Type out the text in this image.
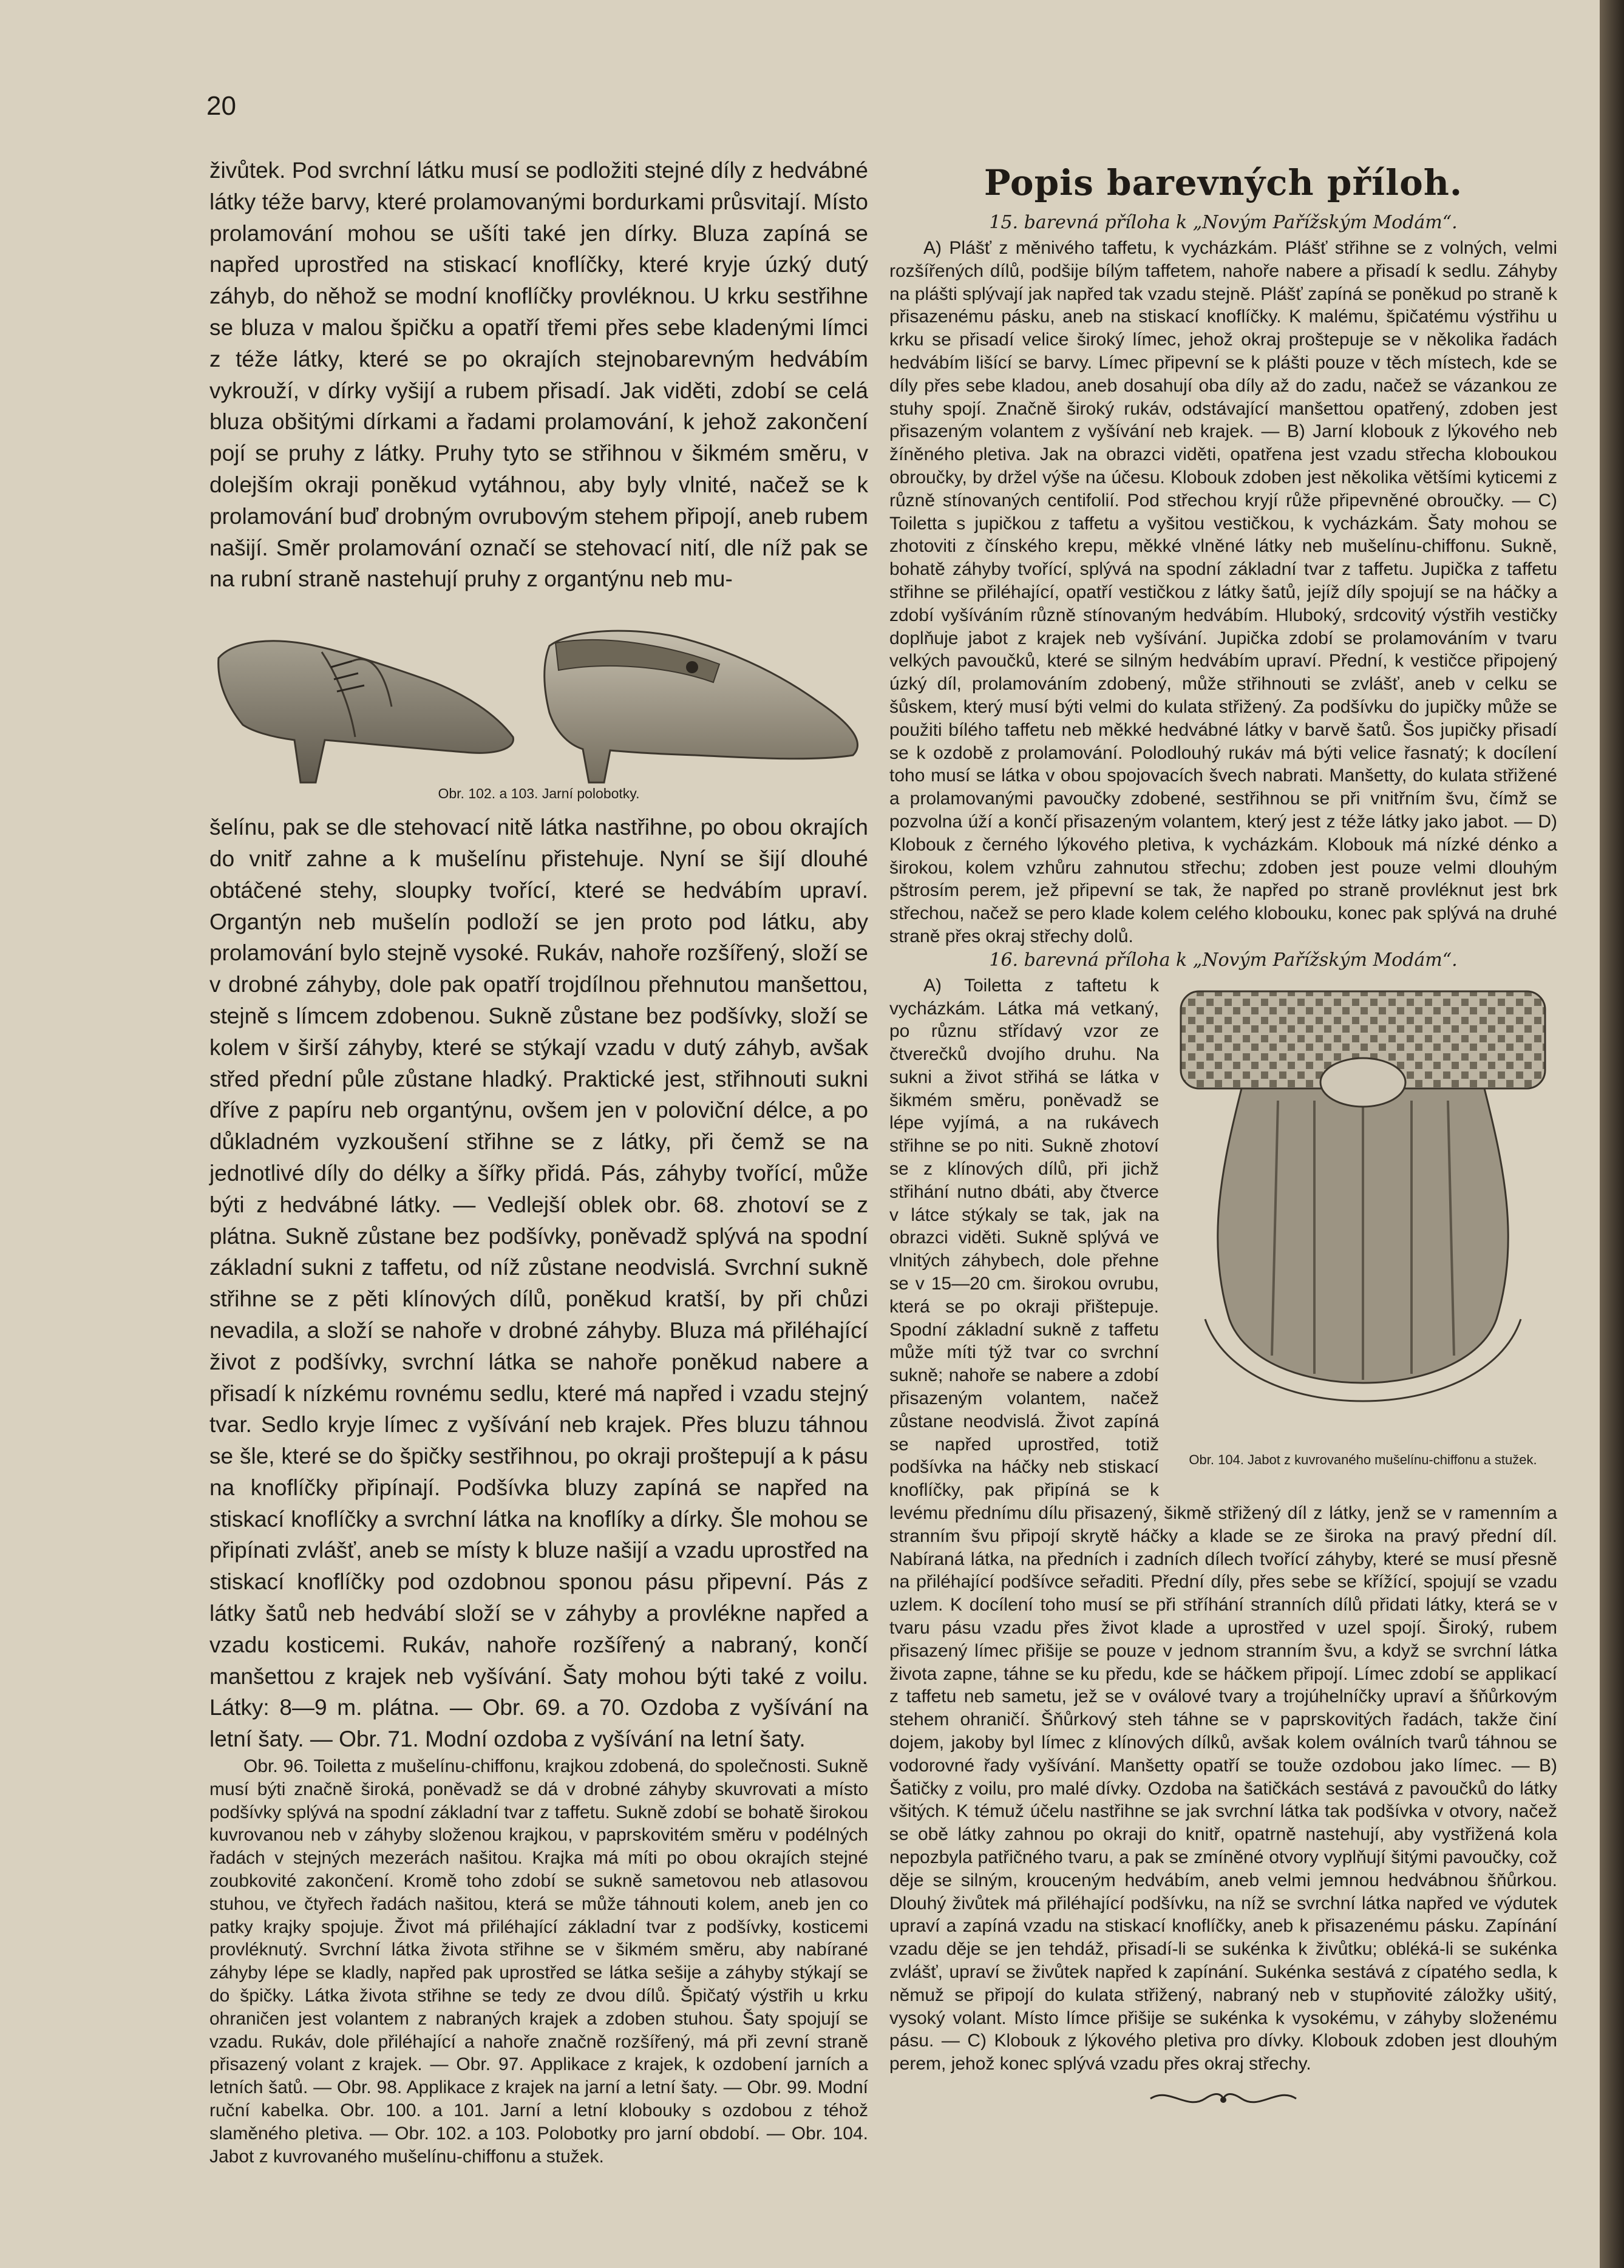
20

živůtek. Pod svrchní látku musí se podložiti stejné díly z hedvábné látky téže barvy, které prolamovanými bordurkami průsvitají. Místo prolamování mohou se ušíti také jen dírky. Bluza zapíná se napřed uprostřed na stiskací knoflíčky, které kryje úzký dutý záhyb, do něhož se modní knoflíčky provléknou. U krku sestřihne se bluza v malou špičku a opatří třemi přes sebe kladenými límci z téže látky, které se po okrajích stejnobarevným hedvábím vykrouží, v dírky vyšijí a rubem přisadí. Jak viděti, zdobí se celá bluza obšitými dírkami a řadami prolamování, k jehož zakončení pojí se pruhy z látky. Pruhy tyto se střihnou v šikmém směru, v dolejším okraji poněkud vytáhnou, aby byly vlnité, načež se k prolamování buď drobným ovrubovým stehem připojí, aneb rubem našijí. Směr prolamování označí se stehovací nití, dle níž pak se na rubní straně nastehují pruhy z organtýnu neb mu-

Obr. 102. a 103. Jarní polobotky.

šelínu, pak se dle stehovací nitě látka nastřihne, po obou okrajích do vnitř zahne a k mušelínu přistehuje. Nyní se šijí dlouhé obtáčené stehy, sloupky tvořící, které se hedvábím upraví. Organtýn neb mušelín podloží se jen proto pod látku, aby prolamování bylo stejně vysoké. Rukáv, nahoře rozšířený, složí se v drobné záhyby, dole pak opatří trojdílnou přehnutou manšettou, stejně s límcem zdobenou. Sukně zůstane bez podšívky, složí se kolem v širší záhyby, které se stýkají vzadu v dutý záhyb, avšak střed přední půle zůstane hladký. Praktické jest, střihnouti sukni dříve z papíru neb organtýnu, ovšem jen v poloviční délce, a po důkladném vyzkoušení střihne se z látky, při čemž se na jednotlivé díly do délky a šířky přidá. Pás, záhyby tvořící, může býti z hedvábné látky. — Vedlejší oblek obr. 68. zhotoví se z plátna. Sukně zůstane bez podšívky, poněvadž splývá na spodní základní sukni z taffetu, od níž zůstane neodvislá. Svrchní sukně střihne se z pěti klínových dílů, poněkud kratší, by při chůzi nevadila, a složí se nahoře v drobné záhyby. Bluza má přiléhající život z podšívky, svrchní látka se nahoře poněkud nabere a přisadí k nízkému rovnému sedlu, které má napřed i vzadu stejný tvar. Sedlo kryje límec z vyšívání neb krajek. Přes bluzu táhnou se šle, které se do špičky sestřihnou, po okraji proštepují a k pásu na knoflíčky připínají. Podšívka bluzy zapíná se napřed na stiskací knoflíčky a svrchní látka na knoflíky a dírky. Šle mohou se připínati zvlášť, aneb se místy k bluze našijí a vzadu uprostřed na stiskací knoflíčky pod ozdobnou sponou pásu připevní. Pás z látky šatů neb hedvábí složí se v záhyby a provlékne napřed a vzadu kosticemi. Rukáv, nahoře rozšířený a nabraný, končí manšettou z krajek neb vyšívání. Šaty mohou býti také z voilu. Látky: 8—9 m. plátna. — Obr. 69. a 70. Ozdoba z vyšívání na letní šaty. — Obr. 71. Modní ozdoba z vyšívání na letní šaty.

Obr. 96. Toiletta z mušelínu-chiffonu, krajkou zdobená, do společnosti. Sukně musí býti značně široká, poněvadž se dá v drobné záhyby skuvrovati a místo podšívky splývá na spodní základní tvar z taffetu. Sukně zdobí se bohatě širokou kuvrovanou neb v záhyby složenou krajkou, v paprskovitém směru v podélných řadách v stejných mezerách našitou. Krajka má míti po obou okrajích stejné zoubkovité zakončení. Kromě toho zdobí se sukně sametovou neb atlasovou stuhou, ve čtyřech řadách našitou, která se může táhnouti kolem, aneb jen co patky krajky spojuje. Život má přiléhající základní tvar z podšívky, kosticemi provléknutý. Svrchní látka života střihne se v šikmém směru, aby nabírané záhyby lépe se kladly, napřed pak uprostřed se látka sešije a záhyby stýkají se do špičky. Látka života střihne se tedy ze dvou dílů. Špičatý výstřih u krku ohraničen jest volantem z nabraných krajek a zdoben stuhou. Šaty spojují se vzadu. Rukáv, dole přiléhající a nahoře značně rozšířený, má při zevní straně přisazený volant z krajek. — Obr. 97. Applikace z krajek, k ozdobení jarních a letních šatů. — Obr. 98. Applikace z krajek na jarní a letní šaty. — Obr. 99. Modní ruční kabelka. Obr. 100. a 101. Jarní a letní klobouky s ozdobou z téhož slaměného pletiva. — Obr. 102. a 103. Polobotky pro jarní období. — Obr. 104. Jabot z kuvrovaného mušelínu-chiffonu a stužek.

Popis barevných příloh.
15. barevná příloha k „Novým Pařížským Modám“.

A) Plášť z měnivého taffetu, k vycházkám. Plášť střihne se z volných, velmi rozšířených dílů, podšije bílým taffetem, nahoře nabere a přisadí k sedlu. Záhyby na plášti splývají jak napřed tak vzadu stejně. Plášť zapíná se poněkud po straně k přisazenému pásku, aneb na stiskací knoflíčky. K malému, špičatému výstřihu u krku se přisadí velice široký límec, jehož okraj proštepuje se v několika řadách hedvábím lišící se barvy. Límec připevní se k plášti pouze v těch místech, kde se díly přes sebe kladou, aneb dosahují oba díly až do zadu, načež se vázankou ze stuhy spojí. Značně široký rukáv, odstávající manšettou opatřený, zdoben jest přisazeným volantem z vyšívání neb krajek. — B) Jarní klobouk z lýkového neb žíněného pletiva. Jak na obrazci viděti, opatřena jest vzadu střecha kloboukou obroučky, by držel výše na účesu. Klobouk zdoben jest několika většími kyticemi z různě stínovaných centifolií. Pod střechou kryjí růže připevněné obroučky. — C) Toiletta s jupičkou z taffetu a vyšitou vestičkou, k vycházkám. Šaty mohou se zhotoviti z čínského krepu, měkké vlněné látky neb mušelínu-chiffonu. Sukně, bohatě záhyby tvořící, splývá na spodní základní tvar z taffetu. Jupička z taffetu střihne se přiléhající, opatří vestičkou z látky šatů, jejíž díly spojují se na háčky a zdobí vyšíváním různě stínovaným hedvábím. Hluboký, srdcovitý výstřih vestičky doplňuje jabot z krajek neb vyšívání. Jupička zdobí se prolamováním v tvaru velkých pavoučků, které se silným hedvábím upraví. Přední, k vestičce připojený úzký díl, prolamováním zdobený, může střihnouti se zvlášť, aneb v celku se šůskem, který musí býti velmi do kulata střižený. Za podšívku do jupičky může se použiti bílého taffetu neb měkké hedvábné látky v barvě šatů. Šos jupičky přisadí se k ozdobě z prolamování. Polodlouhý rukáv má býti velice řasnatý; k docílení toho musí se látka v obou spojovacích švech nabrati. Manšetty, do kulata střižené a prolamovanými pavoučky zdobené, sestřihnou se při vnitřním švu, čímž se pozvolna úží a končí přisazeným volantem, který jest z téže látky jako jabot. — D) Klobouk z černého lýkového pletiva, k vycházkám. Klobouk má nízké dénko a širokou, kolem vzhůru zahnutou střechu; zdoben jest pouze velmi dlouhým pštrosím perem, jež připevní se tak, že napřed po straně provléknut jest brk střechou, načež se pero klade kolem celého klobouku, konec pak splývá na druhé straně přes okraj střechy dolů.

16. barevná příloha k „Novým Pařížským Modám“.
Obr. 104. Jabot z kuvrovaného mušelínu-chiffonu a stužek.

A) Toiletta z taftetu k vycházkám. Látka má vetkaný, po různu střídavý vzor ze čtverečků dvojího druhu. Na sukni a život střihá se látka v šikmém směru, poněvadž se lépe vyjímá, a na rukávech střihne se po niti. Sukně zhotoví se z klínových dílů, při jichž střihání nutno dbáti, aby čtverce v látce stýkaly se tak, jak na obrazci viděti. Sukně splývá ve vlnitých záhybech, dole přehne se v 15—20 cm. širokou ovrubu, která se po okraji přištepuje. Spodní základní sukně z taffetu může míti týž tvar co svrchní sukně; nahoře se nabere a zdobí přisazeným volantem, načež zůstane neodvislá. Život zapíná se napřed uprostřed, totiž podšívka na háčky neb stiskací knoflíčky, pak připíná se k levému přednímu dílu přisazený, šikmě střižený díl z látky, jenž se v ramenním a stranním švu připojí skrytě háčky a klade se ze široka na pravý přední díl. Nabíraná látka, na předních i zadních dílech tvořící záhyby, které se musí přesně na přiléhající podšívce seřaditi. Přední díly, přes sebe se křížící, spojují se vzadu uzlem. K docílení toho musí se při stříhání stranních dílů přidati látky, která se v tvaru pásu vzadu přes život klade a uprostřed v uzel spojí. Široký, rubem přisazený límec přišije se pouze v jednom stranním švu, a když se svrchní látka života zapne, táhne se ku předu, kde se háčkem připojí. Límec zdobí se applikací z taffetu neb sametu, jež se v oválové tvary a trojúhelníčky upraví a šňůrkovým stehem ohraničí. Šňůrkový steh táhne se v paprskovitých řadách, takže činí dojem, jakoby byl límec z klínových dílků, avšak kolem oválních tvarů táhnou se vodorovné řady vyšívání. Manšetty opatří se touže ozdobou jako límec. — B) Šatičky z voilu, pro malé dívky. Ozdoba na šatičkách sestává z pavoučků do látky všitých. K témuž účelu nastřihne se jak svrchní látka tak podšívka v otvory, načež se obě látky zahnou po okraji do knitř, opatrně nastehují, aby vystřižená kola nepozbyla patřičného tvaru, a pak se zmíněné otvory vyplňují šitými pavoučky, což děje se silným, krouceným hedvábím, aneb velmi jemnou hedvábnou šňůrkou. Dlouhý živůtek má přiléhající podšívku, na níž se svrchní látka napřed ve výdutek upraví a zapíná vzadu na stiskací knoflíčky, aneb k přisazenému pásku. Zapínání vzadu děje se jen tehdáž, přisadí-li se sukénka k živůtku; obléká-li se sukénka zvlášť, upraví se živůtek napřed k zapínání. Sukénka sestává z cípatého sedla, k němuž se připojí do kulata střižený, nabraný neb v stupňovité záložky ušitý, vysoký volant. Místo límce přišije se sukénka k vysokému, v záhyby složenému pásu. — C) Klobouk z lýkového pletiva pro dívky. Klobouk zdoben jest dlouhým perem, jehož konec splývá vzadu přes okraj střechy.
